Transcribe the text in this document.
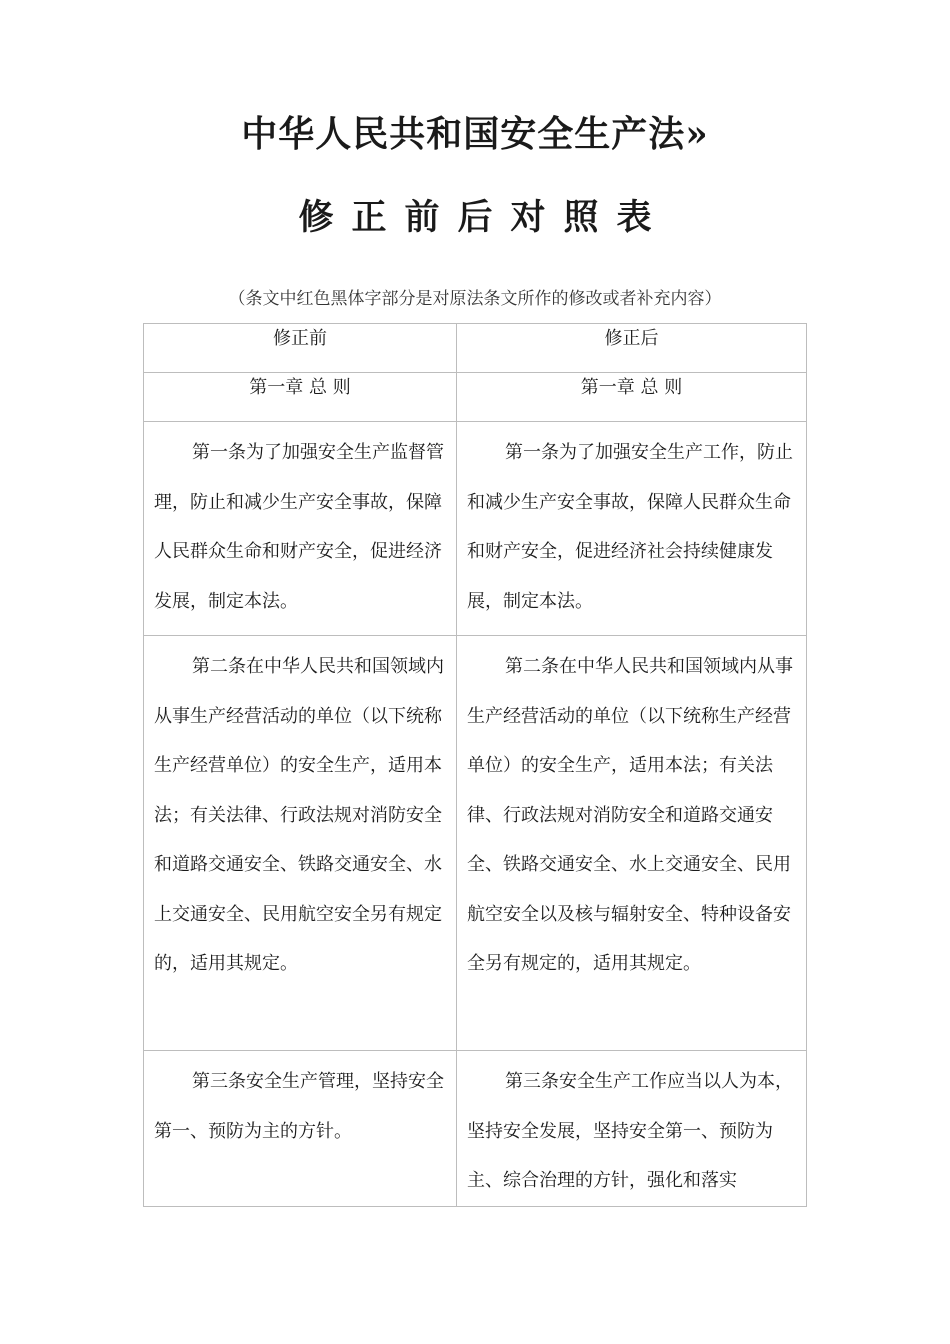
中华人民共和国安全生产法»
修正前后对照表
（条文中红色黑体字部分是对原法条文所作的修改或者补充内容）
修正前	修正后
第一章 总 则	第一章 总 则
第一条为了加强安全生产监督管理，防止和减少生产安全事故，保障人民群众生命和财产安全，促进经济发展，制定本法。	第一条为了加强安全生产工作，防止和减少生产安全事故，保障人民群众生命和财产安全，促进经济社会持续健康发展，制定本法。
第二条在中华人民共和国领域内从事生产经营活动的单位（以下统称生产经营单位）的安全生产，适用本法；有关法律、行政法规对消防安全和道路交通安全、铁路交通安全、水上交通安全、民用航空安全另有规定的，适用其规定。	第二条在中华人民共和国领域内从事生产经营活动的单位（以下统称生产经营单位）的安全生产，适用本法；有关法律、行政法规对消防安全和道路交通安全、铁路交通安全、水上交通安全、民用航空安全以及核与辐射安全、特种设备安全另有规定的，适用其规定。
第三条安全生产管理，坚持安全第一、预防为主的方针。	第三条安全生产工作应当以人为本，坚持安全发展，坚持安全第一、预防为主、综合治理的方针，强化和落实
